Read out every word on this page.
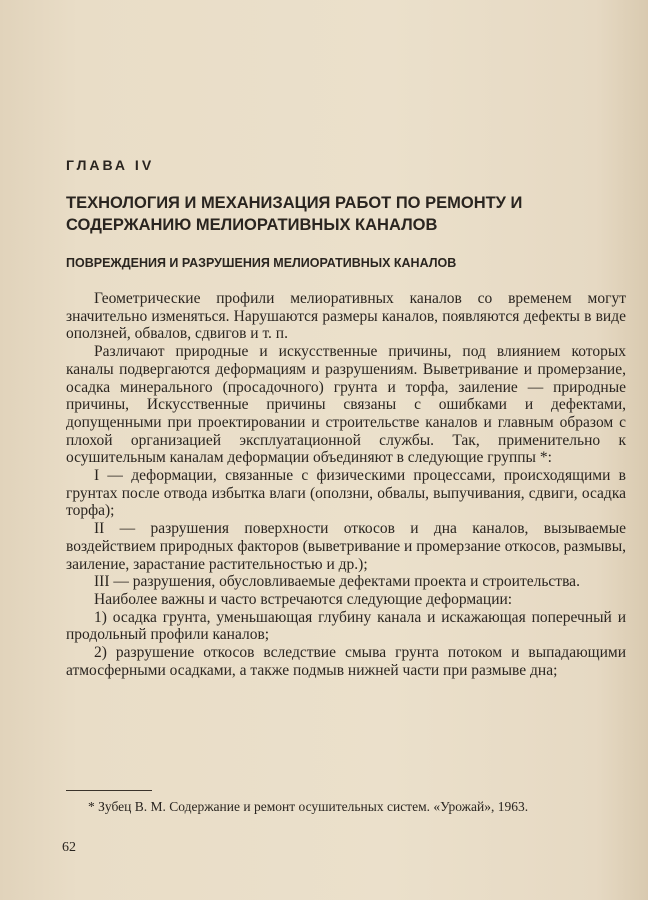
ГЛАВА IV
ТЕХНОЛОГИЯ И МЕХАНИЗАЦИЯ РАБОТ ПО РЕМОНТУ И СОДЕРЖАНИЮ МЕЛИОРАТИВНЫХ КАНАЛОВ
ПОВРЕЖДЕНИЯ И РАЗРУШЕНИЯ МЕЛИОРАТИВНЫХ КАНАЛОВ

Геометрические профили мелиоративных каналов со временем могут значительно изменяться. Нарушаются размеры каналов, появляются дефекты в виде оползней, обвалов, сдвигов и т. п.

Различают природные и искусственные причины, под влиянием которых каналы подвергаются деформациям и разрушениям. Выветривание и промерзание, осадка минерального (просадочного) грунта и торфа, заиление — природные причины, Искусственные причины связаны с ошибками и дефектами, допущенными при проектировании и строительстве каналов и главным образом с плохой организацией эксплуатационной службы. Так, применительно к осушительным каналам деформации объединяют в следующие группы *:

I — деформации, связанные с физическими процессами, происходящими в грунтах после отвода избытка влаги (оползни, обвалы, выпучивания, сдвиги, осадка торфа);

II — разрушения поверхности откосов и дна каналов, вызываемые воздействием природных факторов (выветривание и промерзание откосов, размывы, заиление, зарастание растительностью и др.);

III — разрушения, обусловливаемые дефектами проекта и строительства.

Наиболее важны и часто встречаются следующие деформации:

1) осадка грунта, уменьшающая глубину канала и искажающая поперечный и продольный профили каналов;

2) разрушение откосов вследствие смыва грунта потоком и выпадающими атмосферными осадками, а также подмыв нижней части при размыве дна;

* Зубец В. М. Содержание и ремонт осушительных систем. «Урожай», 1963.
62
